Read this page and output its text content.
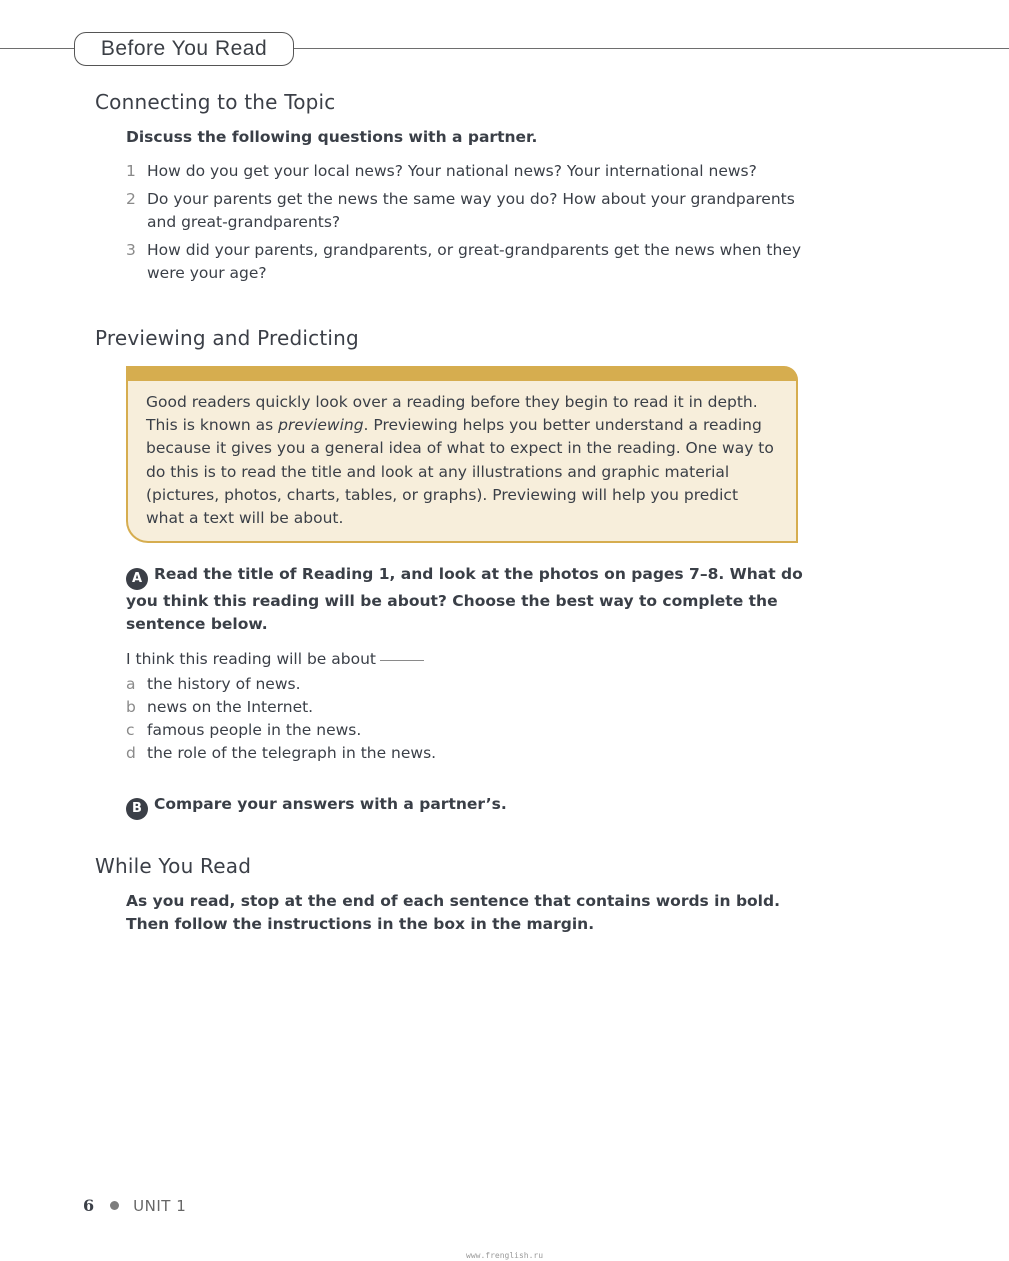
Before You Read
Connecting to the Topic
Discuss the following questions with a partner.
1 How do you get your local news? Your national news? Your international news?
2 Do your parents get the news the same way you do? How about your grandparents and great-grandparents?
3 How did your parents, grandparents, or great-grandparents get the news when they were your age?
Previewing and Predicting

Good readers quickly look over a reading before they begin to read it in depth. This is known as previewing. Previewing helps you better understand a reading because it gives you a general idea of what to expect in the reading. One way to do this is to read the title and look at any illustrations and graphic material (pictures, photos, charts, tables, or graphs). Previewing will help you predict what a text will be about.

A Read the title of Reading 1, and look at the photos on pages 7–8. What do you think this reading will be about? Choose the best way to complete the sentence below.
I think this reading will be about
a the history of news.
b news on the Internet.
c famous people in the news.
d the role of the telegraph in the news.
B Compare your answers with a partner’s.
While You Read
As you read, stop at the end of each sentence that contains words in bold. Then follow the instructions in the box in the margin.
6	UNIT 1
www.frenglish.ru
